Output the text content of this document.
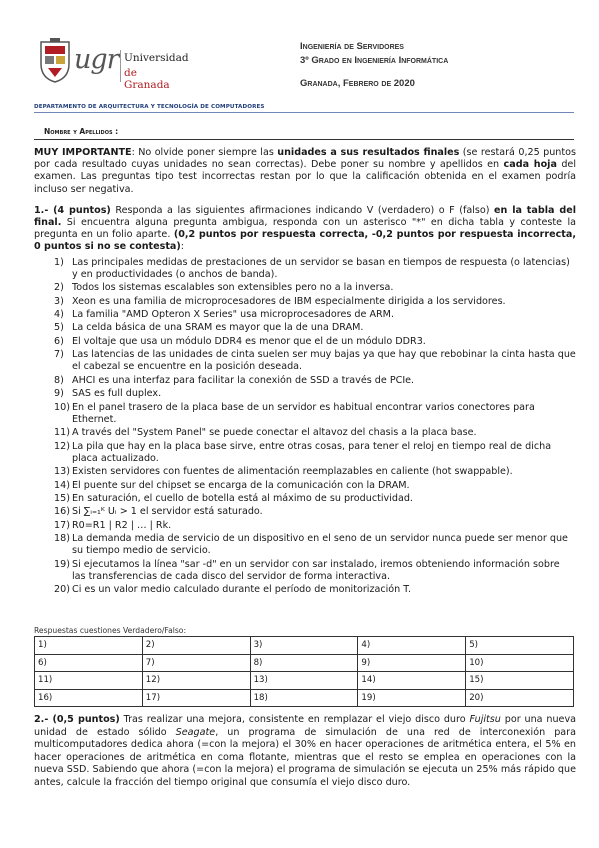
ugr Universidad
de Granada
Ingeniería de Servidores
3º Grado en Ingeniería Informática
Granada, Febrero de 2020
DEPARTAMENTO DE ARQUITECTURA Y TECNOLOGÍA DE COMPUTADORES
Nombre y Apellidos :

MUY IMPORTANTE: No olvide poner siempre las unidades a sus resultados finales (se restará 0,25 puntos por cada resultado cuyas unidades no sean correctas). Debe poner su nombre y apellidos en cada hoja del examen. Las preguntas tipo test incorrectas restan por lo que la calificación obtenida en el examen podría incluso ser negativa.

1.- (4 puntos) Responda a las siguientes afirmaciones indicando V (verdadero) o F (falso) en la tabla del final. Si encuentra alguna pregunta ambigua, responda con un asterisco "*" en dicha tabla y conteste la pregunta en un folio aparte. (0,2 puntos por respuesta correcta, -0,2 puntos por respuesta incorrecta, 0 puntos si no se contesta):

1) Las principales medidas de prestaciones de un servidor se basan en tiempos de respuesta (o latencias) y en productividades (o anchos de banda).
2) Todos los sistemas escalables son extensibles pero no a la inversa.
3) Xeon es una familia de microprocesadores de IBM especialmente dirigida a los servidores.
4) La familia "AMD Opteron X Series" usa microprocesadores de ARM.
5) La celda básica de una SRAM es mayor que la de una DRAM.
6) El voltaje que usa un módulo DDR4 es menor que el de un módulo DDR3.
7) Las latencias de las unidades de cinta suelen ser muy bajas ya que hay que rebobinar la cinta hasta que el cabezal se encuentre en la posición deseada.
8) AHCI es una interfaz para facilitar la conexión de SSD a través de PCIe.
9) SAS es full duplex.
10) En el panel trasero de la placa base de un servidor es habitual encontrar varios conectores para Ethernet.
11) A través del "System Panel" se puede conectar el altavoz del chasis a la placa base.
12) La pila que hay en la placa base sirve, entre otras cosas, para tener el reloj en tiempo real de dicha placa actualizado.
13) Existen servidores con fuentes de alimentación reemplazables en caliente (hot swappable).
14) El puente sur del chipset se encarga de la comunicación con la DRAM.
15) En saturación, el cuello de botella está al máximo de su productividad.
16) Si ∑ᵢ₌₁ᴷ Uᵢ > 1 el servidor está saturado.
17) R0=R1 | R2 | … | Rk.
18) La demanda media de servicio de un dispositivo en el seno de un servidor nunca puede ser menor que su tiempo medio de servicio.
19) Si ejecutamos la línea "sar -d" en un servidor con sar instalado, iremos obteniendo información sobre las transferencias de cada disco del servidor de forma interactiva.
20) Ci es un valor medio calculado durante el período de monitorización T.
Respuestas cuestiones Verdadero/Falso:
1)	2)	3)	4)	5)
6)	7)	8)	9)	10)
11)	12)	13)	14)	15)
16)	17)	18)	19)	20)
2.- (0,5 puntos) Tras realizar una mejora, consistente en remplazar el viejo disco duro Fujitsu por una nueva unidad de estado sólido Seagate, un programa de simulación de una red de interconexión para multicomputadores dedica ahora (=con la mejora) el 30% en hacer operaciones de aritmética entera, el 5% en hacer operaciones de aritmética en coma flotante, mientras que el resto se emplea en operaciones con la nueva SSD. Sabiendo que ahora (=con la mejora) el programa de simulación se ejecuta un 25% más rápido que antes, calcule la fracción del tiempo original que consumía el viejo disco duro.
